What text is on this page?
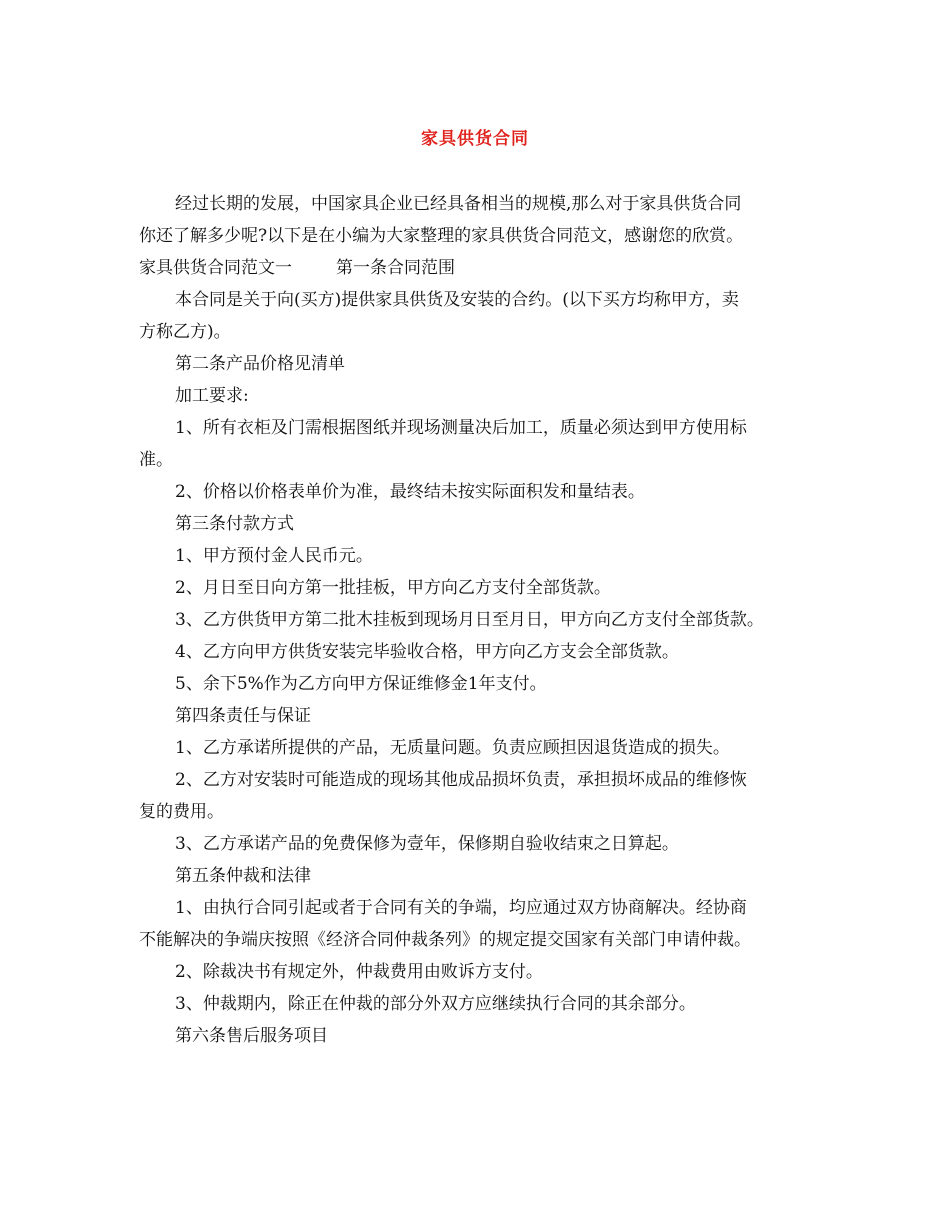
家具供货合同
经过长期的发展，中国家具企业已经具备相当的规模,那么对于家具供货合同
你还了解多少呢?以下是在小编为大家整理的家具供货合同范文，感谢您的欣赏。
家具供货合同范文一	第一条合同范围
本合同是关于向(买方)提供家具供货及安装的合约。(以下买方均称甲方，卖
方称乙方)。
第二条产品价格见清单
加工要求:
1、所有衣柜及门需根据图纸并现场测量决后加工，质量必须达到甲方使用标
准。
2、价格以价格表单价为准，最终结未按实际面积发和量结表。
第三条付款方式
1、甲方预付金人民币元。
2、月日至日向方第一批挂板，甲方向乙方支付全部货款。
3、乙方供货甲方第二批木挂板到现场月日至月日，甲方向乙方支付全部货款。
4、乙方向甲方供货安装完毕验收合格，甲方向乙方支会全部货款。
5、余下5%作为乙方向甲方保证维修金1年支付。
第四条责任与保证
1、乙方承诺所提供的产品，无质量问题。负责应顾担因退货造成的损失。
2、乙方对安装时可能造成的现场其他成品损坏负责，承担损坏成品的维修恢
复的费用。
3、乙方承诺产品的免费保修为壹年，保修期自验收结束之日算起。
第五条仲裁和法律
1、由执行合同引起或者于合同有关的争端，均应通过双方协商解决。经协商
不能解决的争端庆按照《经济合同仲裁条列》的规定提交国家有关部门申请仲裁。
2、除裁决书有规定外，仲裁费用由败诉方支付。
3、仲裁期内，除正在仲裁的部分外双方应继续执行合同的其余部分。
第六条售后服务项目
